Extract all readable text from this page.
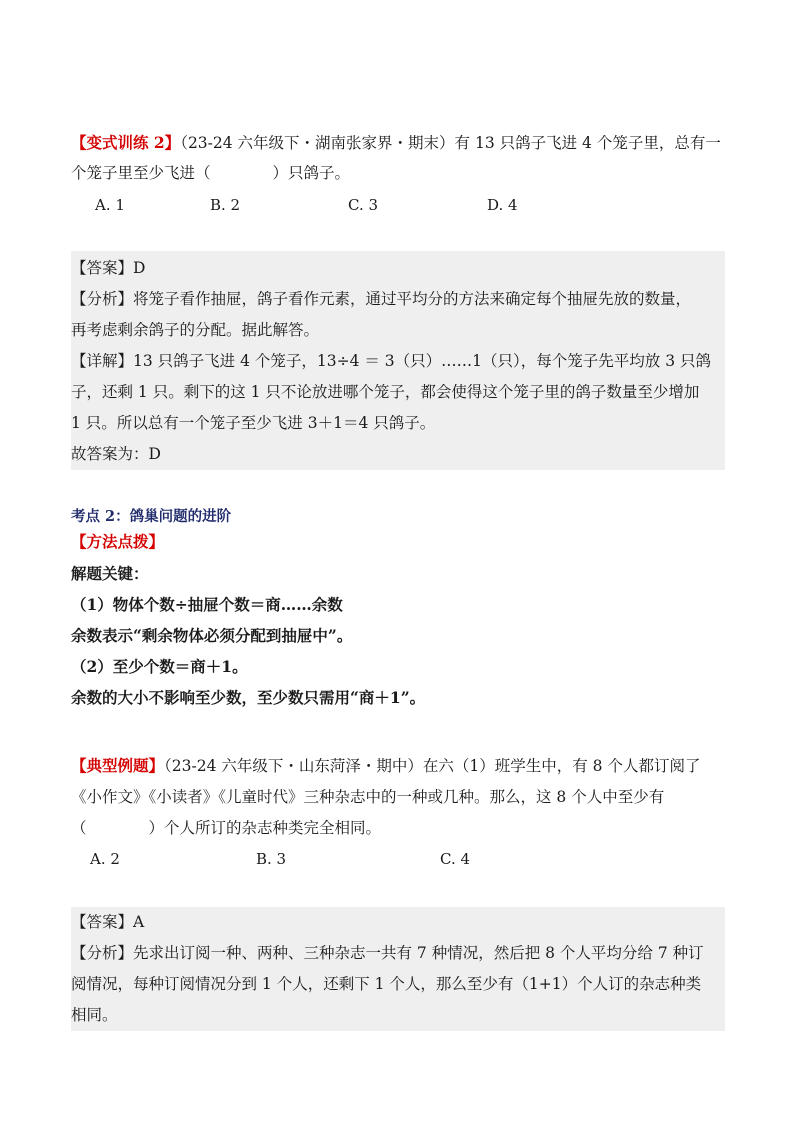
【变式训练 2】（23-24 六年级下・湖南张家界・期末）有 13 只鸽子飞进 4 个笼子里，总有一
个笼子里至少飞进（　　　　）只鸽子。
A. 1	B. 2	C. 3	D. 4
【答案】D
【分析】将笼子看作抽屉，鸽子看作元素，通过平均分的方法来确定每个抽屉先放的数量，
再考虑剩余鸽子的分配。据此解答。
【详解】13 只鸽子飞进 4 个笼子，13÷4 ＝ 3（只）……1（只），每个笼子先平均放 3 只鸽
子，还剩 1 只。剩下的这 1 只不论放进哪个笼子，都会使得这个笼子里的鸽子数量至少增加
1 只。所以总有一个笼子至少飞进 3＋1＝4 只鸽子。
故答案为：D
考点 2：鸽巢问题的进阶
【方法点拨】
解题关键：
（1）物体个数÷抽屉个数＝商……余数
余数表示“剩余物体必须分配到抽屉中”。
（2）至少个数＝商＋1。
余数的大小不影响至少数，至少数只需用“商＋1”。
【典型例题】（23-24 六年级下・山东菏泽・期中）在六（1）班学生中，有 8 个人都订阅了
《小作文》《小读者》《儿童时代》三种杂志中的一种或几种。那么，这 8 个人中至少有
（　　　　）个人所订的杂志种类完全相同。
A. 2	B. 3	C. 4
【答案】A
【分析】先求出订阅一种、两种、三种杂志一共有 7 种情况，然后把 8 个人平均分给 7 种订
阅情况，每种订阅情况分到 1 个人，还剩下 1 个人，那么至少有（1+1）个人订的杂志种类
相同。
